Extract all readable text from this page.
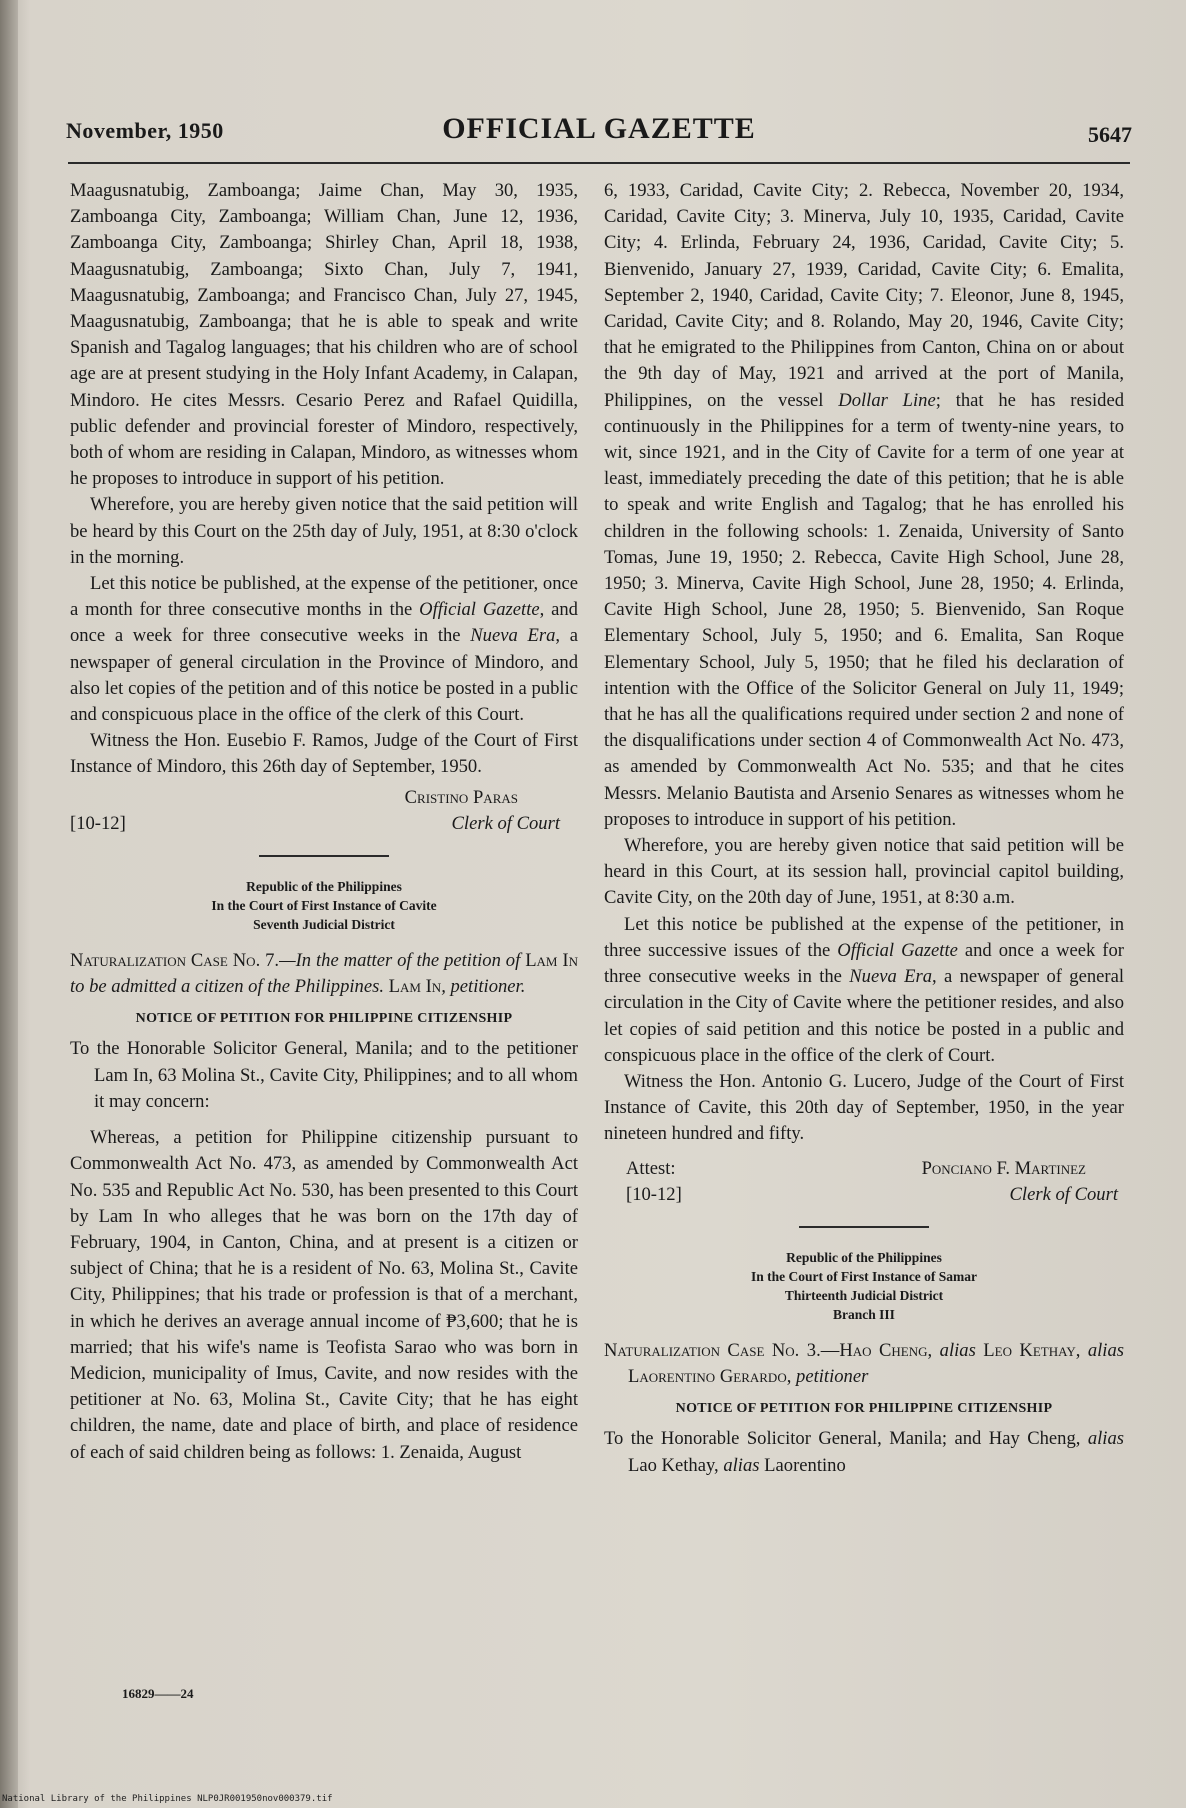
November, 1950	OFFICIAL GAZETTE	5647

Maagusnatubig, Zamboanga; Jaime Chan, May 30, 1935, Zamboanga City, Zamboanga; William Chan, June 12, 1936, Zamboanga City, Zamboanga; Shirley Chan, April 18, 1938, Maagusnatubig, Zamboanga; Sixto Chan, July 7, 1941, Maagusnatubig, Zamboanga; and Francisco Chan, July 27, 1945, Maagusnatubig, Zamboanga; that he is able to speak and write Spanish and Tagalog languages; that his children who are of school age are at present studying in the Holy Infant Academy, in Calapan, Mindoro. He cites Messrs. Cesario Perez and Rafael Quidilla, public defender and provincial forester of Mindoro, respectively, both of whom are residing in Calapan, Mindoro, as witnesses whom he proposes to introduce in support of his petition.

Wherefore, you are hereby given notice that the said petition will be heard by this Court on the 25th day of July, 1951, at 8:30 o'clock in the morning.

Let this notice be published, at the expense of the petitioner, once a month for three consecutive months in the Official Gazette, and once a week for three consecutive weeks in the Nueva Era, a newspaper of general circulation in the Province of Mindoro, and also let copies of the petition and of this notice be posted in a public and conspicuous place in the office of the clerk of this Court.

Witness the Hon. Eusebio F. Ramos, Judge of the Court of First Instance of Mindoro, this 26th day of September, 1950.

Cristino Paras

[10-12]	Clerk of Court
Republic of the Philippines
In the Court of First Instance of Cavite
Seventh Judicial District

Naturalization Case No. 7.—In the matter of the petition of Lam In to be admitted a citizen of the Philippines. Lam In, petitioner.

NOTICE OF PETITION FOR PHILIPPINE CITIZENSHIP

To the Honorable Solicitor General, Manila; and to the petitioner Lam In, 63 Molina St., Cavite City, Philippines; and to all whom it may concern:

Whereas, a petition for Philippine citizenship pursuant to Commonwealth Act No. 473, as amended by Commonwealth Act No. 535 and Republic Act No. 530, has been presented to this Court by Lam In who alleges that he was born on the 17th day of February, 1904, in Canton, China, and at present is a citizen or subject of China; that he is a resident of No. 63, Molina St., Cavite City, Philippines; that his trade or profession is that of a merchant, in which he derives an average annual income of ₱3,600; that he is married; that his wife's name is Teofista Sarao who was born in Medicion, municipality of Imus, Cavite, and now resides with the petitioner at No. 63, Molina St., Cavite City; that he has eight children, the name, date and place of birth, and place of residence of each of said children being as follows: 1. Zenaida, August

16829——24

6, 1933, Caridad, Cavite City; 2. Rebecca, November 20, 1934, Caridad, Cavite City; 3. Minerva, July 10, 1935, Caridad, Cavite City; 4. Erlinda, February 24, 1936, Caridad, Cavite City; 5. Bienvenido, January 27, 1939, Caridad, Cavite City; 6. Emalita, September 2, 1940, Caridad, Cavite City; 7. Eleonor, June 8, 1945, Caridad, Cavite City; and 8. Rolando, May 20, 1946, Cavite City; that he emigrated to the Philippines from Canton, China on or about the 9th day of May, 1921 and arrived at the port of Manila, Philippines, on the vessel Dollar Line; that he has resided continuously in the Philippines for a term of twenty-nine years, to wit, since 1921, and in the City of Cavite for a term of one year at least, immediately preceding the date of this petition; that he is able to speak and write English and Tagalog; that he has enrolled his children in the following schools: 1. Zenaida, University of Santo Tomas, June 19, 1950; 2. Rebecca, Cavite High School, June 28, 1950; 3. Minerva, Cavite High School, June 28, 1950; 4. Erlinda, Cavite High School, June 28, 1950; 5. Bienvenido, San Roque Elementary School, July 5, 1950; and 6. Emalita, San Roque Elementary School, July 5, 1950; that he filed his declaration of intention with the Office of the Solicitor General on July 11, 1949; that he has all the qualifications required under section 2 and none of the disqualifications under section 4 of Commonwealth Act No. 473, as amended by Commonwealth Act No. 535; and that he cites Messrs. Melanio Bautista and Arsenio Senares as witnesses whom he proposes to introduce in support of his petition.

Wherefore, you are hereby given notice that said petition will be heard in this Court, at its session hall, provincial capitol building, Cavite City, on the 20th day of June, 1951, at 8:30 a.m.

Let this notice be published at the expense of the petitioner, in three successive issues of the Official Gazette and once a week for three consecutive weeks in the Nueva Era, a newspaper of general circulation in the City of Cavite where the petitioner resides, and also let copies of said petition and this notice be posted in a public and conspicuous place in the office of the clerk of Court.

Witness the Hon. Antonio G. Lucero, Judge of the Court of First Instance of Cavite, this 20th day of September, 1950, in the year nineteen hundred and fifty.

Attest:	Ponciano F. Martinez
[10-12]	Clerk of Court
Republic of the Philippines
In the Court of First Instance of Samar
Thirteenth Judicial District
Branch III

Naturalization Case No. 3.—Hao Cheng, alias Leo Kethay, alias Laorentino Gerardo, petitioner

NOTICE OF PETITION FOR PHILIPPINE CITIZENSHIP

To the Honorable Solicitor General, Manila; and Hay Cheng, alias Lao Kethay, alias Laorentino

National Library of the Philippines NLP0JR001950nov000379.tif
